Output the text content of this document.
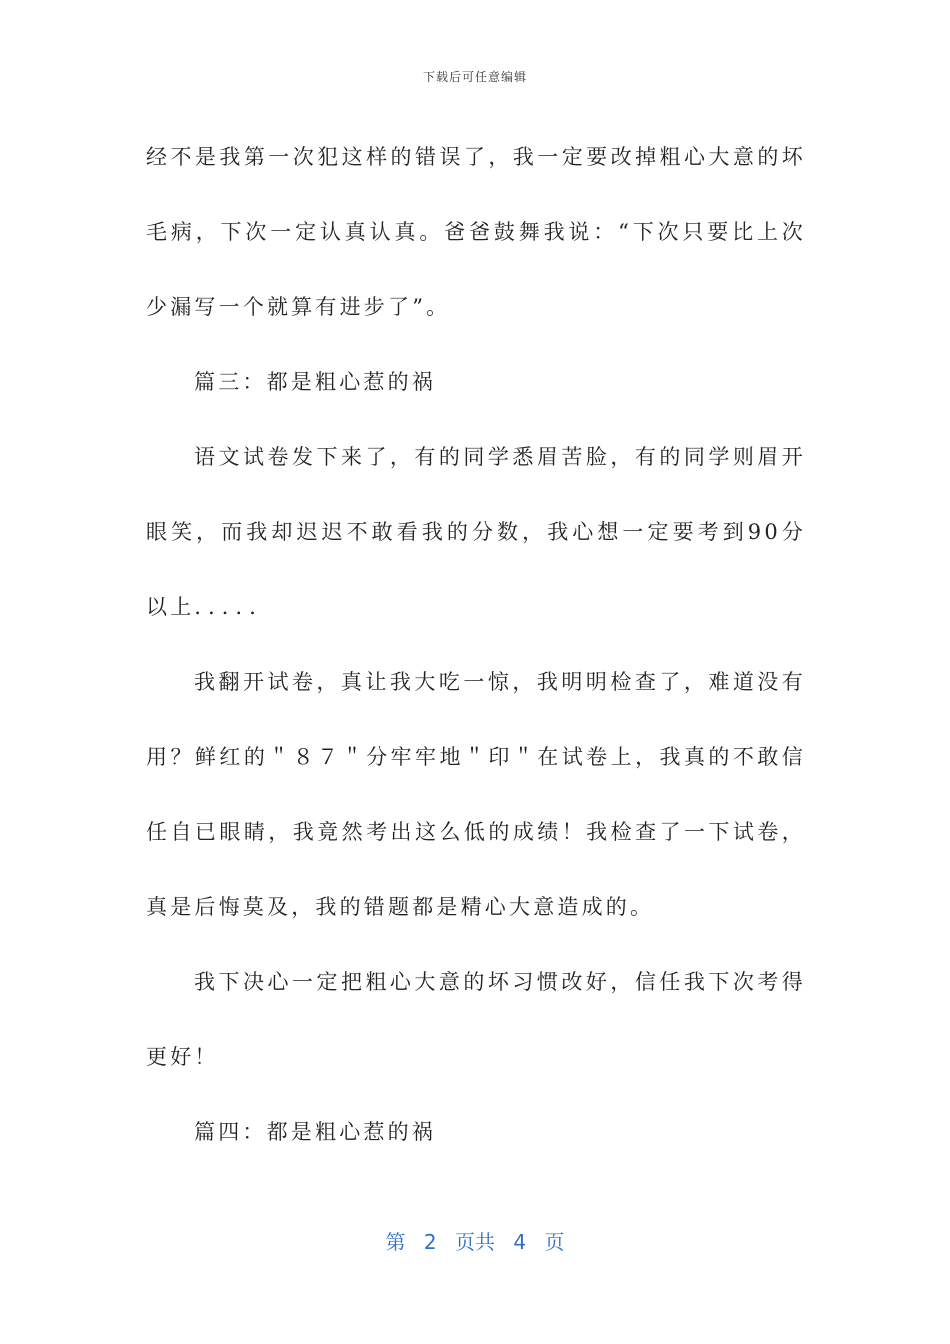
下载后可任意编辑

经不是我第一次犯这样的错误了，我一定要改掉粗心大意的坏毛病，下次一定认真认真。爸爸鼓舞我说：“下次只要比上次少漏写一个就算有进步了”。

篇三：都是粗心惹的祸

语文试卷发下来了，有的同学悉眉苦脸，有的同学则眉开眼笑，而我却迟迟不敢看我的分数，我心想一定要考到90分以上．．．．．

我翻开试卷，真让我大吃一惊，我明明检查了，难道没有用？鲜红的＂８７＂分牢牢地＂印＂在试卷上，我真的不敢信任自已眼睛，我竟然考出这么低的成绩！我检查了一下试卷，真是后悔莫及，我的错题都是精心大意造成的。

我下决心一定把粗心大意的坏习惯改好，信任我下次考得更好！

篇四：都是粗心惹的祸

第 2 页共 4 页
